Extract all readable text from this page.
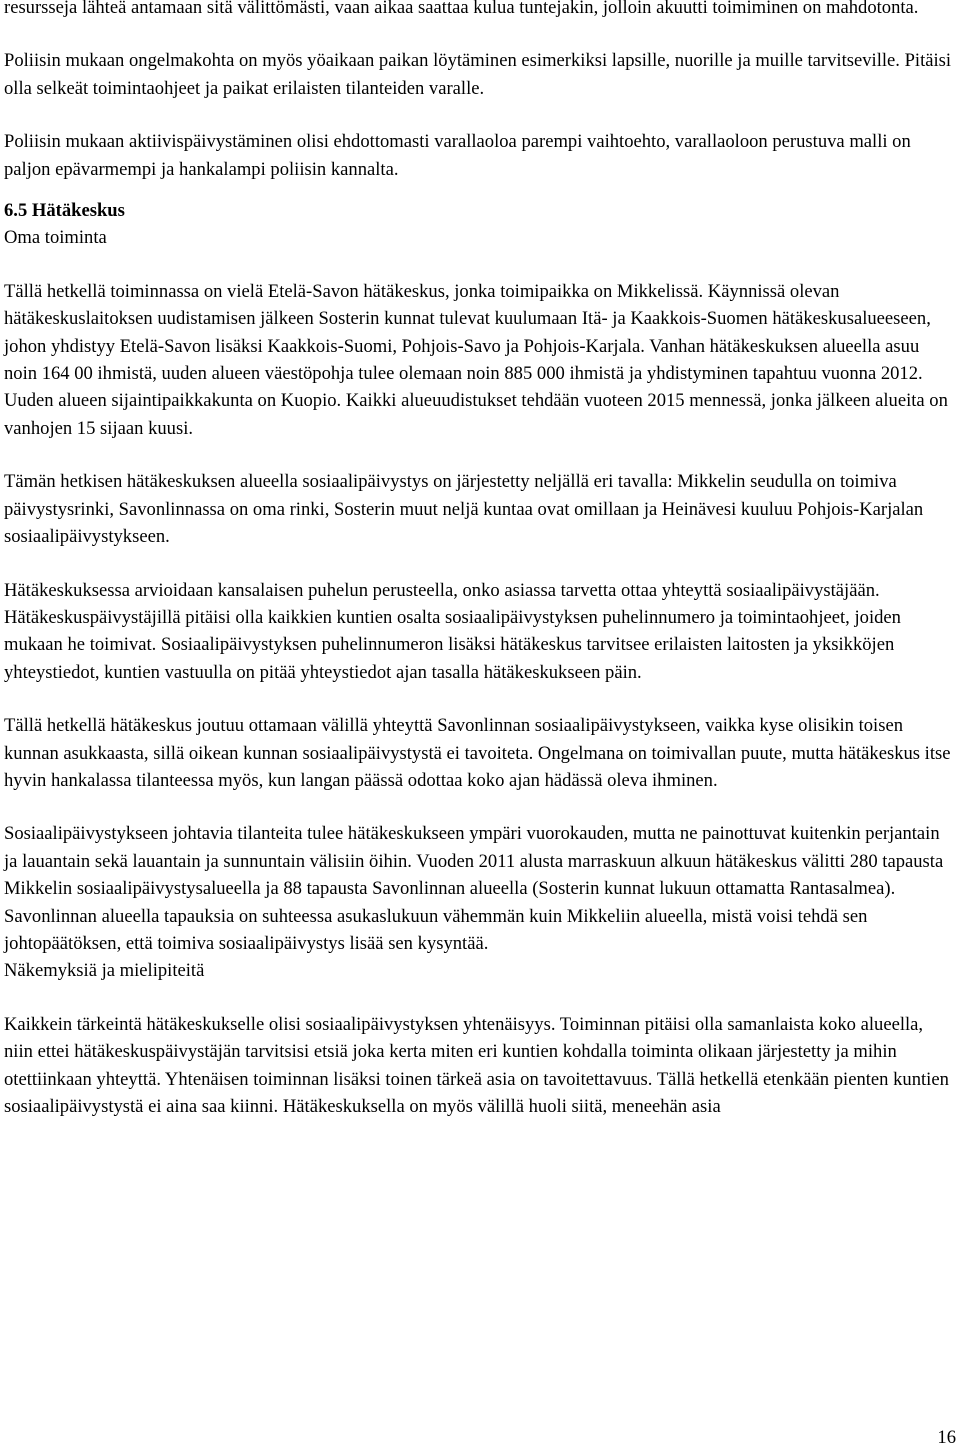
resursseja lähteä antamaan sitä välittömästi, vaan aikaa saattaa kulua tuntejakin, jolloin akuutti toimiminen on mahdotonta.

Poliisin mukaan ongelmakohta on myös yöaikaan paikan löytäminen esimerkiksi lapsille, nuorille ja muille tarvitseville. Pitäisi olla selkeät toimintaohjeet ja paikat erilaisten tilanteiden varalle.

Poliisin mukaan aktiivispäivystäminen olisi ehdottomasti varallaoloa parempi vaihtoehto, varallaoloon perustuva malli on paljon epävarmempi ja hankalampi poliisin kannalta.

6.5 Hätäkeskus

Oma toiminta

Tällä hetkellä toiminnassa on vielä Etelä-Savon hätäkeskus, jonka toimipaikka on Mikkelissä. Käynnissä olevan hätäkeskuslaitoksen uudistamisen jälkeen Sosterin kunnat tulevat kuulumaan Itä- ja Kaakkois-Suomen hätäkeskusalueeseen, johon yhdistyy Etelä-Savon lisäksi Kaakkois-Suomi, Pohjois-Savo ja Pohjois-Karjala. Vanhan hätäkeskuksen alueella asuu noin 164 00 ihmistä, uuden alueen väestöpohja tulee olemaan noin 885 000 ihmistä ja yhdistyminen tapahtuu vuonna 2012. Uuden alueen sijaintipaikkakunta on Kuopio. Kaikki alueuudistukset tehdään vuoteen 2015 mennessä, jonka jälkeen alueita on vanhojen 15 sijaan kuusi.

Tämän hetkisen hätäkeskuksen alueella sosiaalipäivystys on järjestetty neljällä eri tavalla: Mikkelin seudulla on toimiva päivystysrinki, Savonlinnassa on oma rinki, Sosterin muut neljä kuntaa ovat omillaan ja Heinävesi kuuluu Pohjois-Karjalan sosiaalipäivystykseen.

Hätäkeskuksessa arvioidaan kansalaisen puhelun perusteella, onko asiassa tarvetta ottaa yhteyttä sosiaalipäivystäjään. Hätäkeskuspäivystäjillä pitäisi olla kaikkien kuntien osalta sosiaalipäivystyksen puhelinnumero ja toimintaohjeet, joiden mukaan he toimivat. Sosiaalipäivystyksen puhelinnumeron lisäksi hätäkeskus tarvitsee erilaisten laitosten ja yksikköjen yhteystiedot, kuntien vastuulla on pitää yhteystiedot ajan tasalla hätäkeskukseen päin.

Tällä hetkellä hätäkeskus joutuu ottamaan välillä yhteyttä Savonlinnan sosiaalipäivystykseen, vaikka kyse olisikin toisen kunnan asukkaasta, sillä oikean kunnan sosiaalipäivystystä ei tavoiteta. Ongelmana on toimivallan puute, mutta hätäkeskus itse hyvin hankalassa tilanteessa myös, kun langan päässä odottaa koko ajan hädässä oleva ihminen.

Sosiaalipäivystykseen johtavia tilanteita tulee hätäkeskukseen ympäri vuorokauden, mutta ne painottuvat kuitenkin perjantain ja lauantain sekä lauantain ja sunnuntain välisiin öihin. Vuoden 2011 alusta marraskuun alkuun hätäkeskus välitti 280 tapausta Mikkelin sosiaalipäivystysalueella ja 88 tapausta Savonlinnan alueella (Sosterin kunnat lukuun ottamatta Rantasalmea). Savonlinnan alueella tapauksia on suhteessa asukaslukuun vähemmän kuin Mikkeliin alueella, mistä voisi tehdä sen johtopäätöksen, että toimiva sosiaalipäivystys lisää sen kysyntää.

Näkemyksiä ja mielipiteitä

Kaikkein tärkeintä hätäkeskukselle olisi sosiaalipäivystyksen yhtenäisyys. Toiminnan pitäisi olla samanlaista koko alueella, niin ettei hätäkeskuspäivystäjän tarvitsisi etsiä joka kerta miten eri kuntien kohdalla toiminta olikaan järjestetty ja mihin otettiinkaan yhteyttä. Yhtenäisen toiminnan lisäksi toinen tärkeä asia on tavoitettavuus. Tällä hetkellä etenkään pienten kuntien sosiaalipäivystystä ei aina saa kiinni. Hätäkeskuksella on myös välillä huoli siitä, meneehän asia

16
